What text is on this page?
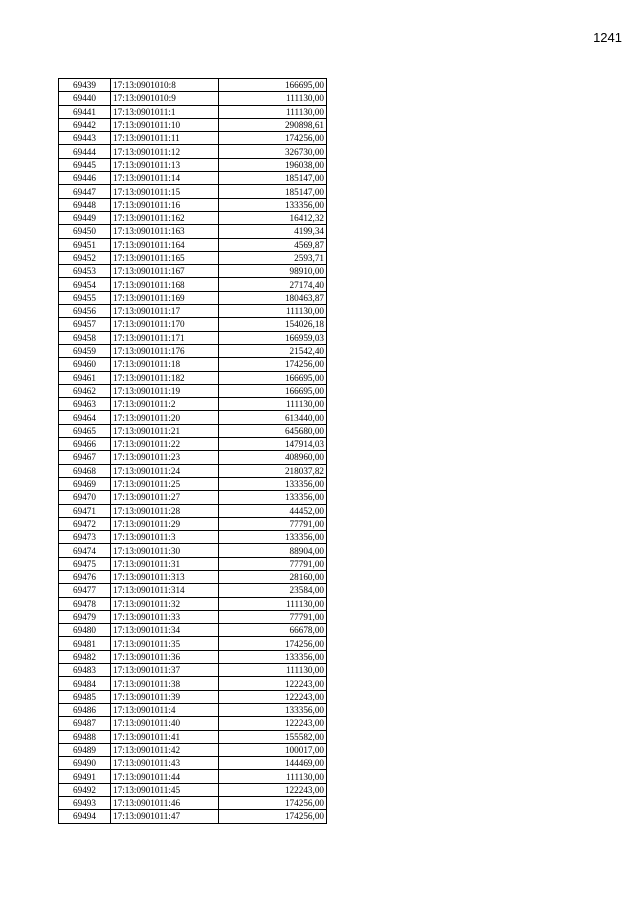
1241
69439	17:13:0901010:8	166695,00
69440	17:13:0901010:9	111130,00
69441	17:13:0901011:1	111130,00
69442	17:13:0901011:10	290898,61
69443	17:13:0901011:11	174256,00
69444	17:13:0901011:12	326730,00
69445	17:13:0901011:13	196038,00
69446	17:13:0901011:14	185147,00
69447	17:13:0901011:15	185147,00
69448	17:13:0901011:16	133356,00
69449	17:13:0901011:162	16412,32
69450	17:13:0901011:163	4199,34
69451	17:13:0901011:164	4569,87
69452	17:13:0901011:165	2593,71
69453	17:13:0901011:167	98910,00
69454	17:13:0901011:168	27174,40
69455	17:13:0901011:169	180463,87
69456	17:13:0901011:17	111130,00
69457	17:13:0901011:170	154026,18
69458	17:13:0901011:171	166959,03
69459	17:13:0901011:176	21542,40
69460	17:13:0901011:18	174256,00
69461	17:13:0901011:182	166695,00
69462	17:13:0901011:19	166695,00
69463	17:13:0901011:2	111130,00
69464	17:13:0901011:20	613440,00
69465	17:13:0901011:21	645680,00
69466	17:13:0901011:22	147914,03
69467	17:13:0901011:23	408960,00
69468	17:13:0901011:24	218037,82
69469	17:13:0901011:25	133356,00
69470	17:13:0901011:27	133356,00
69471	17:13:0901011:28	44452,00
69472	17:13:0901011:29	77791,00
69473	17:13:0901011:3	133356,00
69474	17:13:0901011:30	88904,00
69475	17:13:0901011:31	77791,00
69476	17:13:0901011:313	28160,00
69477	17:13:0901011:314	23584,00
69478	17:13:0901011:32	111130,00
69479	17:13:0901011:33	77791,00
69480	17:13:0901011:34	66678,00
69481	17:13:0901011:35	174256,00
69482	17:13:0901011:36	133356,00
69483	17:13:0901011:37	111130,00
69484	17:13:0901011:38	122243,00
69485	17:13:0901011:39	122243,00
69486	17:13:0901011:4	133356,00
69487	17:13:0901011:40	122243,00
69488	17:13:0901011:41	155582,00
69489	17:13:0901011:42	100017,00
69490	17:13:0901011:43	144469,00
69491	17:13:0901011:44	111130,00
69492	17:13:0901011:45	122243,00
69493	17:13:0901011:46	174256,00
69494	17:13:0901011:47	174256,00
